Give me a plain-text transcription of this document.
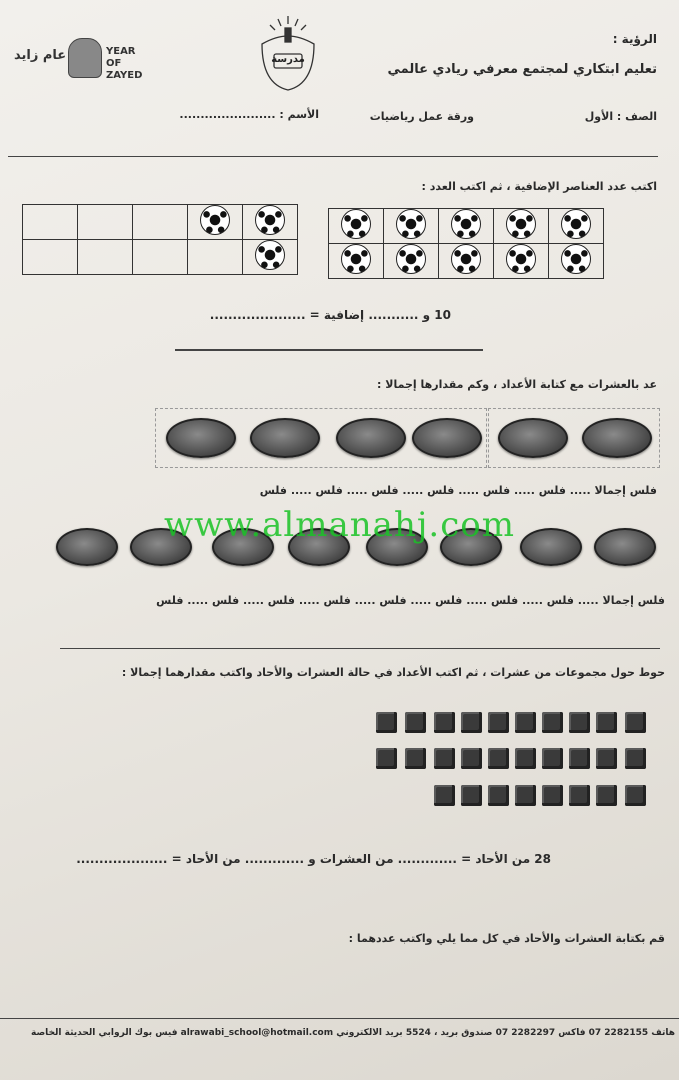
الرؤية :
تعليم ابتكاري لمجتمع معرفي ريادي عالمي
مدرسة
عام زايد	YEAR OF ZAYED
الصف : الأول
ورقة عمل رياضيات
الأسم : .......................
اكتب عدد العناصر الإضافية ، ثم اكتب العدد :

10 و ........... إضافية = .....................
عد بالعشرات مع كتابة الأعداد ، وكم مقدارها إجمالا :
فلس إجمالا ..... فلس ..... فلس ..... فلس ..... فلس ..... فلس ..... فلس
www.almanahj.com
فلس إجمالا ..... فلس ..... فلس ..... فلس ..... فلس ..... فلس ..... فلس ..... فلس ..... فلس
حوط حول مجموعات من عشرات ، ثم اكتب الأعداد في حالة العشرات والأحاد واكتب مقدارهما إجمالا :
28 من الأحاد = ............. من العشرات و ............. من الأحاد = ....................
قم بكتابة العشرات والأحاد في كل مما يلي واكتب عددهما :
هاتف 2282155 07 فاكس 2282297 07 صندوق بريد ، 5524 بريد الالكتروني alrawabi_school@hotmail.com فيس بوك الروابي الحديثة الخاصة
